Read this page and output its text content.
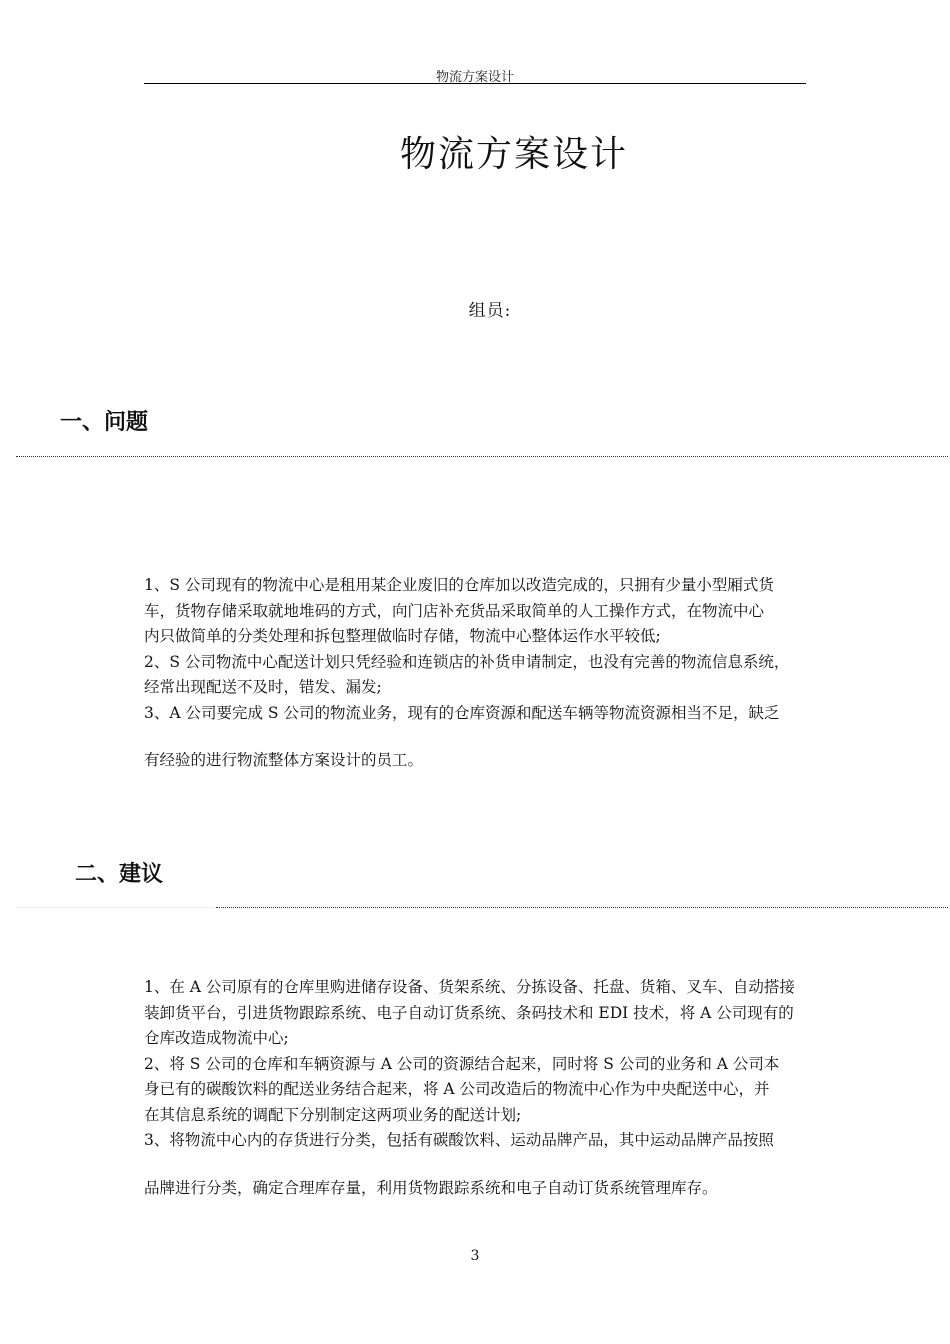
物流方案设计
物流方案设计
组员:
一、问题

1、S 公司现有的物流中心是租用某企业废旧的仓库加以改造完成的，只拥有少量小型厢式货

车，货物存储采取就地堆码的方式，向门店补充货品采取简单的人工操作方式，在物流中心

内只做简单的分类处理和拆包整理做临时存储，物流中心整体运作水平较低;

2、S 公司物流中心配送计划只凭经验和连锁店的补货申请制定，也没有完善的物流信息系统，

经常出现配送不及时，错发、漏发;

3、A 公司要完成 S 公司的物流业务，现有的仓库资源和配送车辆等物流资源相当不足，缺乏

有经验的进行物流整体方案设计的员工。

二、建议

1、在 A 公司原有的仓库里购进储存设备、货架系统、分拣设备、托盘、货箱、叉车、自动搭接

装卸货平台，引进货物跟踪系统、电子自动订货系统、条码技术和 EDI 技术，将 A 公司现有的

仓库改造成物流中心;

2、将 S 公司的仓库和车辆资源与 A 公司的资源结合起来，同时将 S 公司的业务和 A 公司本

身已有的碳酸饮料的配送业务结合起来，将 A 公司改造后的物流中心作为中央配送中心，并

在其信息系统的调配下分别制定这两项业务的配送计划;

3、将物流中心内的存货进行分类，包括有碳酸饮料、运动品牌产品，其中运动品牌产品按照

品牌进行分类，确定合理库存量，利用货物跟踪系统和电子自动订货系统管理库存。

3
